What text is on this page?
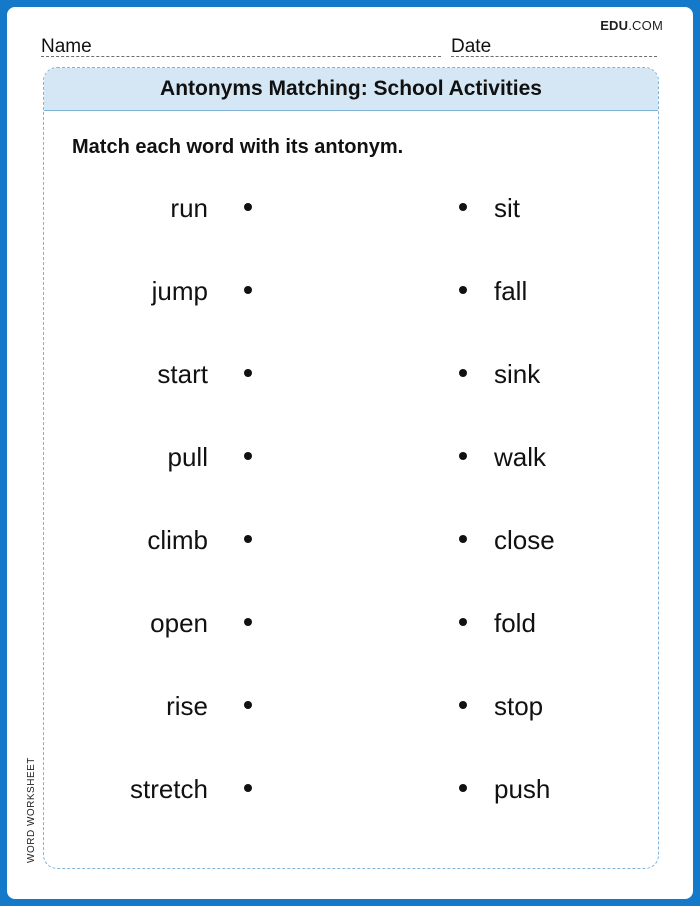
EDU.COM
Name	Date
Antonyms Matching: School Activities
Match each word with its antonym.
run	sit
jump	fall
start	sink
pull	walk
climb	close
open	fold
rise	stop
stretch	push
WORD WORKSHEET
